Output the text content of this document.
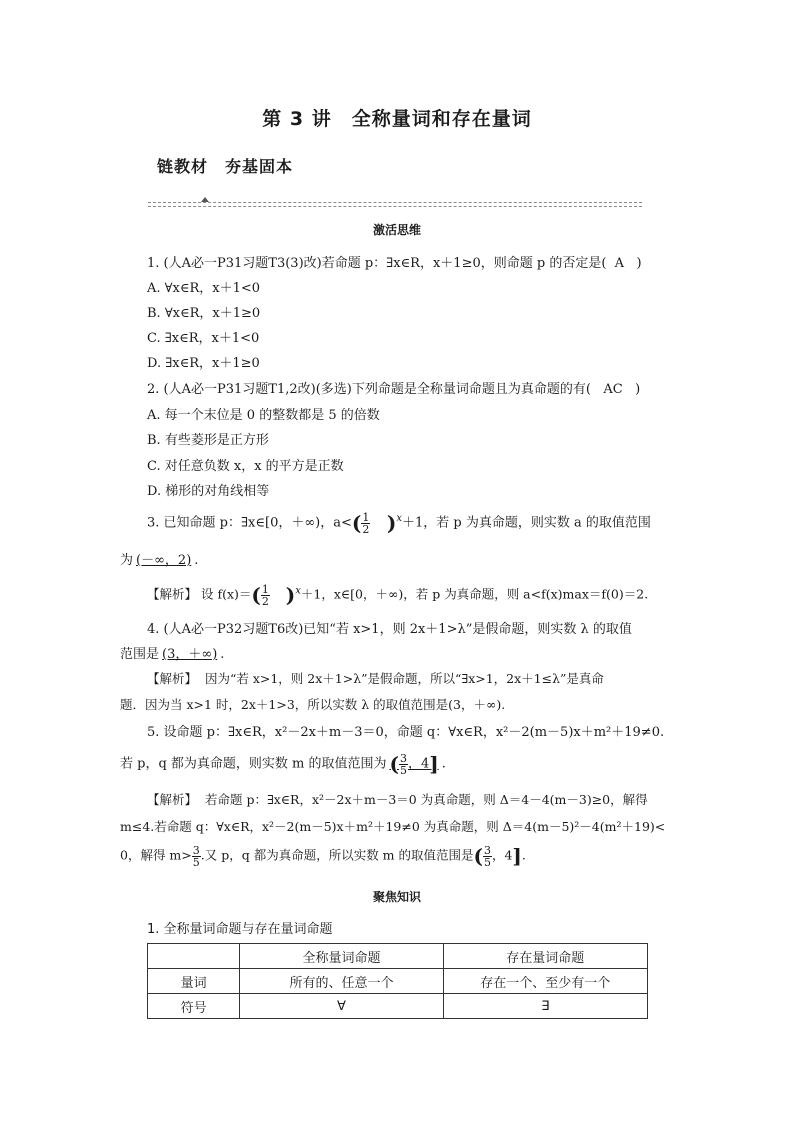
第 3 讲　全称量词和存在量词
链教材　夯基固本
激活思维
1. (人A必一P31习题T3(3)改)若命题 p：∃x∈R，x＋1≥0，则命题 p 的否定是( A )
A. ∀x∈R，x＋1<0
B. ∀x∈R，x＋1≥0
C. ∃x∈R，x＋1<0
D. ∃x∈R，x＋1≥0
2. (人A必一P31习题T1,2改)(多选)下列命题是全称量词命题且为真命题的有( AC )
A. 每一个末位是 0 的整数都是 5 的倍数
B. 有些菱形是正方形
C. 对任意负数 x，x 的平方是正数
D. 梯形的对角线相等
3. 已知命题 p：∃x∈[0，＋∞)，$a<( \frac{1}{2} )^x+1$，若 p 为真命题，则实数 a 的取值范围
为 (－∞，2) .
【解析】 设 $f(x)=( \frac{1}{2} )^x+1$，x∈[0，＋∞)，若 p 为真命题，则 a<f(x)max＝f(0)＝2.
4. (人A必一P32习题T6改)已知“若 x>1，则 2x＋1>λ”是假命题，则实数 λ 的取值
范围是 (3，＋∞) .
【解析】 因为“若 x>1，则 2x＋1>λ”是假命题，所以“∃x>1，2x＋1≤λ”是真命
题．因为当 x>1 时，2x＋1>3，所以实数 λ 的取值范围是(3，＋∞).
5. 设命题 p：∃x∈R，x²－2x＋m－3＝0，命题 q：∀x∈R，x²－2(m－5)x＋m²＋19≠0.
若 p，q 都为真命题，则实数 m 的取值范围为 ( $\frac{3}{5}$ ，4] .
【解析】 若命题 p：∃x∈R，x²－2x＋m－3＝0 为真命题，则 Δ＝4－4(m－3)≥0，解得
m≤4.若命题 q：∀x∈R，x²－2(m－5)x＋m²＋19≠0 为真命题，则 Δ＝4(m－5)²－4(m²＋19)<
0，解得 $m> \frac{3}{5}$ .又 p，q 都为真命题，所以实数 m 的取值范围是( $\frac{3}{5}$ ，4].
聚焦知识
1. 全称量词命题与存在量词命题
	全称量词命题	存在量词命题
量词	所有的、任意一个	存在一个、至少有一个
符号	∀	∃
